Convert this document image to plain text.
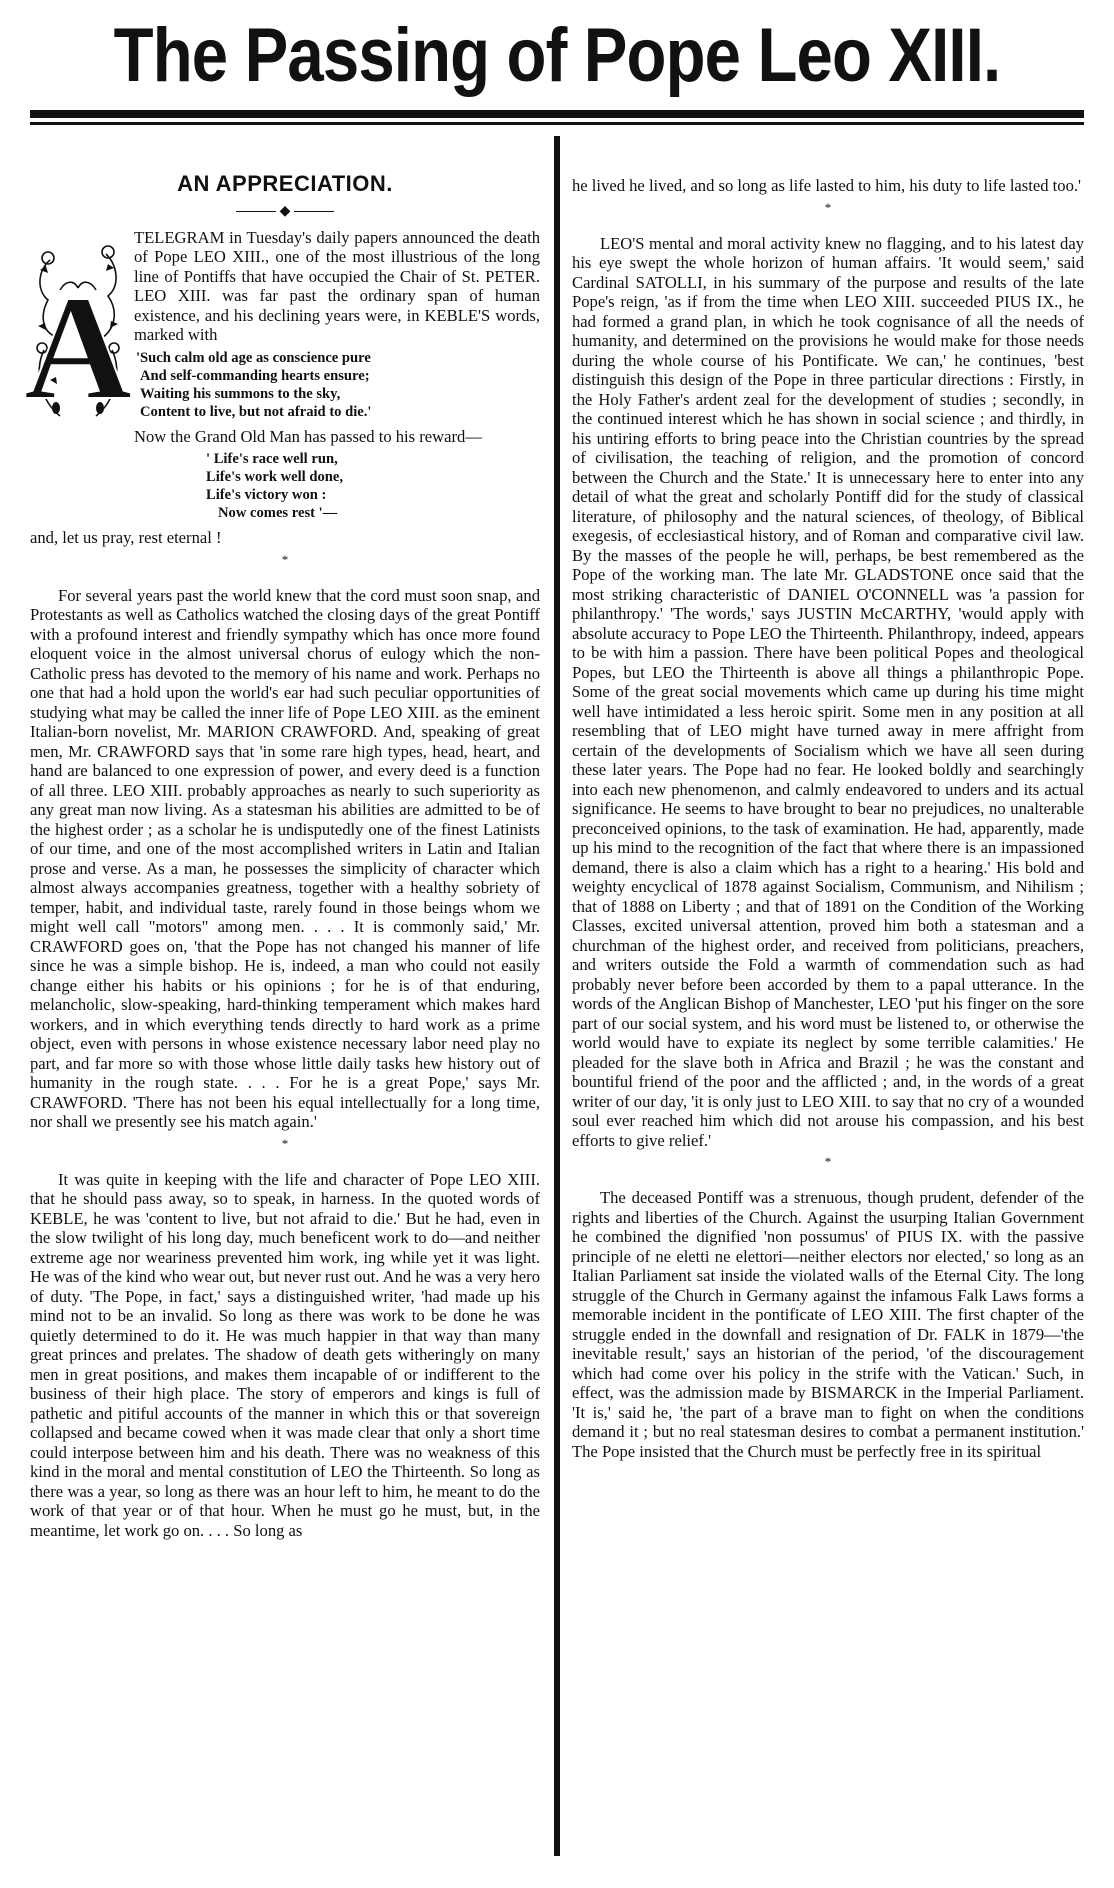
The Passing of Pope Leo XIII.
AN APPRECIATION.
◆
A

TELEGRAM in Tuesday's daily papers announced the death of Pope LEO XIII., one of the most illustrious of the long line of Pontiffs that have occupied the Chair of St. PETER. LEO XIII. was far past the ordinary span of human existence, and his declining years were, in KEBLE'S words, marked with

'Such calm old age as conscience pure
And self-commanding hearts ensure;
Waiting his summons to the sky,
Content to live, but not afraid to die.'

Now the Grand Old Man has passed to his reward—

' Life's race well run,
Life's work well done,
Life's victory won :
Now comes rest '—

and, let us pray, rest eternal !

*

For several years past the world knew that the cord must soon snap, and Protestants as well as Catholics watched the closing days of the great Pontiff with a profound interest and friendly sympathy which has once more found eloquent voice in the almost universal chorus of eulogy which the non-Catholic press has devoted to the memory of his name and work. Perhaps no one that had a hold upon the world's ear had such peculiar opportunities of studying what may be called the inner life of Pope LEO XIII. as the eminent Italian-born novelist, Mr. MARION CRAWFORD. And, speaking of great men, Mr. CRAWFORD says that 'in some rare high types, head, heart, and hand are balanced to one expression of power, and every deed is a function of all three. LEO XIII. probably approaches as nearly to such superiority as any great man now living. As a statesman his abilities are admitted to be of the highest order ; as a scholar he is undisputedly one of the finest Latinists of our time, and one of the most accomplished writers in Latin and Italian prose and verse. As a man, he possesses the simplicity of character which almost always accompanies greatness, together with a healthy sobriety of temper, habit, and individual taste, rarely found in those beings whom we might well call "motors" among men. . . . It is commonly said,' Mr. CRAWFORD goes on, 'that the Pope has not changed his manner of life since he was a simple bishop. He is, indeed, a man who could not easily change either his habits or his opinions ; for he is of that enduring, melancholic, slow-speaking, hard-thinking temperament which makes hard workers, and in which everything tends directly to hard work as a prime object, even with persons in whose existence necessary labor need play no part, and far more so with those whose little daily tasks hew history out of humanity in the rough state. . . . For he is a great Pope,' says Mr. CRAWFORD. 'There has not been his equal intellectually for a long time, nor shall we presently see his match again.'

*

It was quite in keeping with the life and character of Pope LEO XIII. that he should pass away, so to speak, in harness. In the quoted words of KEBLE, he was 'content to live, but not afraid to die.' But he had, even in the slow twilight of his long day, much beneficent work to do—and neither extreme age nor weariness prevented him work, ing while yet it was light. He was of the kind who wear out, but never rust out. And he was a very hero of duty. 'The Pope, in fact,' says a distinguished writer, 'had made up his mind not to be an invalid. So long as there was work to be done he was quietly determined to do it. He was much happier in that way than many great princes and prelates. The shadow of death gets witheringly on many men in great positions, and makes them incapable of or indifferent to the business of their high place. The story of emperors and kings is full of pathetic and pitiful accounts of the manner in which this or that sovereign collapsed and became cowed when it was made clear that only a short time could interpose between him and his death. There was no weakness of this kind in the moral and mental constitution of LEO the Thirteenth. So long as there was a year, so long as there was an hour left to him, he meant to do the work of that year or of that hour. When he must go he must, but, in the meantime, let work go on. . . . So long as

he lived he lived, and so long as life lasted to him, his duty to life lasted too.'

*

LEO'S mental and moral activity knew no flagging, and to his latest day his eye swept the whole horizon of human affairs. 'It would seem,' said Cardinal SATOLLI, in his summary of the purpose and results of the late Pope's reign, 'as if from the time when LEO XIII. succeeded PIUS IX., he had formed a grand plan, in which he took cognisance of all the needs of humanity, and determined on the provisions he would make for those needs during the whole course of his Pontificate. We can,' he continues, 'best distinguish this design of the Pope in three particular directions : Firstly, in the Holy Father's ardent zeal for the development of studies ; secondly, in the continued interest which he has shown in social science ; and thirdly, in his untiring efforts to bring peace into the Christian countries by the spread of civilisation, the teaching of religion, and the promotion of concord between the Church and the State.' It is unnecessary here to enter into any detail of what the great and scholarly Pontiff did for the study of classical literature, of philosophy and the natural sciences, of theology, of Biblical exegesis, of ecclesiastical history, and of Roman and comparative civil law. By the masses of the people he will, perhaps, be best remembered as the Pope of the working man. The late Mr. GLADSTONE once said that the most striking characteristic of DANIEL O'CONNELL was 'a passion for philanthropy.' 'The words,' says JUSTIN McCARTHY, 'would apply with absolute accuracy to Pope LEO the Thirteenth. Philanthropy, indeed, appears to be with him a passion. There have been political Popes and theological Popes, but LEO the Thirteenth is above all things a philanthropic Pope. Some of the great social movements which came up during his time might well have intimidated a less heroic spirit. Some men in any position at all resembling that of LEO might have turned away in mere affright from certain of the developments of Socialism which we have all seen during these later years. The Pope had no fear. He looked boldly and searchingly into each new phenomenon, and calmly endeavored to unders and its actual significance. He seems to have brought to bear no prejudices, no unalterable preconceived opinions, to the task of examination. He had, apparently, made up his mind to the recognition of the fact that where there is an impassioned demand, there is also a claim which has a right to a hearing.' His bold and weighty encyclical of 1878 against Socialism, Communism, and Nihilism ; that of 1888 on Liberty ; and that of 1891 on the Condition of the Working Classes, excited universal attention, proved him both a statesman and a churchman of the highest order, and received from politicians, preachers, and writers outside the Fold a warmth of commendation such as had probably never before been accorded by them to a papal utterance. In the words of the Anglican Bishop of Manchester, LEO 'put his finger on the sore part of our social system, and his word must be listened to, or otherwise the world would have to expiate its neglect by some terrible calamities.' He pleaded for the slave both in Africa and Brazil ; he was the constant and bountiful friend of the poor and the afflicted ; and, in the words of a great writer of our day, 'it is only just to LEO XIII. to say that no cry of a wounded soul ever reached him which did not arouse his compassion, and his best efforts to give relief.'

*

The deceased Pontiff was a strenuous, though prudent, defender of the rights and liberties of the Church. Against the usurping Italian Government he combined the dignified 'non possumus' of PIUS IX. with the passive principle of ne eletti ne elettori—neither electors nor elected,' so long as an Italian Parliament sat inside the violated walls of the Eternal City. The long struggle of the Church in Germany against the infamous Falk Laws forms a memorable incident in the pontificate of LEO XIII. The first chapter of the struggle ended in the downfall and resignation of Dr. FALK in 1879—'the inevitable result,' says an historian of the period, 'of the discouragement which had come over his policy in the strife with the Vatican.' Such, in effect, was the admission made by BISMARCK in the Imperial Parliament. 'It is,' said he, 'the part of a brave man to fight on when the conditions demand it ; but no real statesman desires to combat a permanent institution.' The Pope insisted that the Church must be perfectly free in its spiritual
